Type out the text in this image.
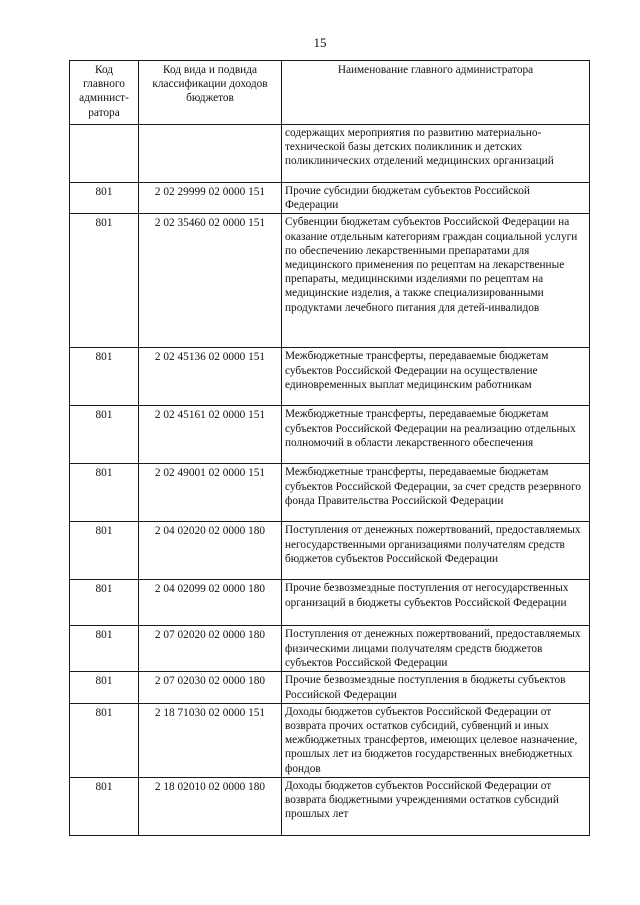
15
Код главного админист-ратора	Код вида и подвида классификации доходов бюджетов	Наименование главного администратора
		содержащих мероприятия по развитию материально-технической базы детских поликлиник и детских поликлинических отделений медицинских организаций
801	2 02 29999 02 0000 151	Прочие субсидии бюджетам субъектов Российской Федерации
801	2 02 35460 02 0000 151	Субвенции бюджетам субъектов Российской Федерации на оказание отдельным категориям граждан социальной услуги по обеспечению лекарственными препаратами для медицинского применения по рецептам на лекарственные препараты, медицинскими изделиями по рецептам на медицинские изделия, а также специализированными продуктами лечебного питания для детей-инвалидов
801	2 02 45136 02 0000 151	Межбюджетные трансферты, передаваемые бюджетам субъектов Российской Федерации на осуществление единовременных выплат медицинским работникам
801	2 02 45161 02 0000 151	Межбюджетные трансферты, передаваемые бюджетам субъектов Российской Федерации на реализацию отдельных полномочий в области лекарственного обеспечения
801	2 02 49001 02 0000 151	Межбюджетные трансферты, передаваемые бюджетам субъектов Российской Федерации, за счет средств резервного фонда Правительства Российской Федерации
801	2 04 02020 02 0000 180	Поступления от денежных пожертвований, предоставляемых негосударственными организациями получателям средств бюджетов субъектов Российской Федерации
801	2 04 02099 02 0000 180	Прочие безвозмездные поступления от негосударственных организаций в бюджеты субъектов Российской Федерации
801	2 07 02020 02 0000 180	Поступления от денежных пожертвований, предоставляемых физическими лицами получателям средств бюджетов субъектов Российской Федерации
801	2 07 02030 02 0000 180	Прочие безвозмездные поступления в бюджеты субъектов Российской Федерации
801	2 18 71030 02 0000 151	Доходы бюджетов субъектов Российской Федерации от возврата прочих остатков субсидий, субвенций и иных межбюджетных трансфертов, имеющих целевое назначение, прошлых лет из бюджетов государственных внебюджетных фондов
801	2 18 02010 02 0000 180	Доходы бюджетов субъектов Российской Федерации от возврата бюджетными учреждениями остатков субсидий прошлых лет
